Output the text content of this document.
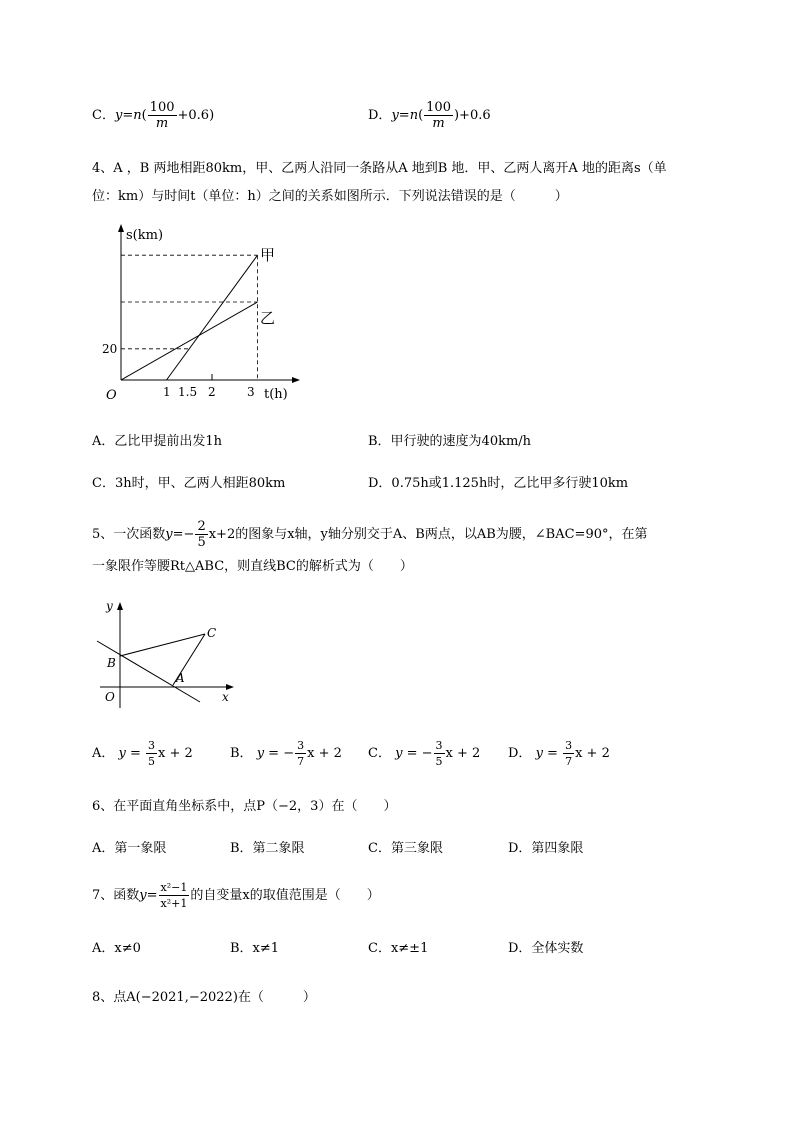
C．$y=n( \frac{100}{m} +0.6)$	D．$y=n( \frac{100}{m} )+0.6$
4、A ，B 两地相距80km，甲、乙两人沿同一条路从A 地到B 地．甲、乙两人离开A 地的距离s（单
位：km）与时间t（单位：h）之间的关系如图所示．下列说法错误的是（　　　）
s(km)
t(h)
O
20
1 1.5 2	3
甲
乙
A．乙比甲提前出发1h	B．甲行驶的速度为40km/h
C．3h时，甲、乙两人相距80km	D．0.75h或1.125h时，乙比甲多行驶10km
5、一次函数$y=- \frac{2}{5} x+2$的图象与x轴，y轴分别交于A、B两点，以AB为腰，∠BAC=90°，在第
一象限作等腰Rt△ABC，则直线BC的解析式为（　　）
y
x
O
A
B
C
A． $y = \frac{3}{5}$ x + 2	B． y = − $\frac{3}{7}$ x + 2 C． y = − $\frac{3}{5}$ x + 2 D． $y = \frac{3}{7}$ x + 2
6、在平面直角坐标系中，点P（−2，3）在（　　）
A．第一象限	B．第二象限	C．第三象限	D．第四象限
7、函数$y= \frac{\text{x²−1}}{\text{x²+1}}$ 的自变量x的取值范围是（　　）
A．x≠0	B．x≠1	C．x≠±1	D．全体实数
8、点A(−2021,−2022)在（　　　）
